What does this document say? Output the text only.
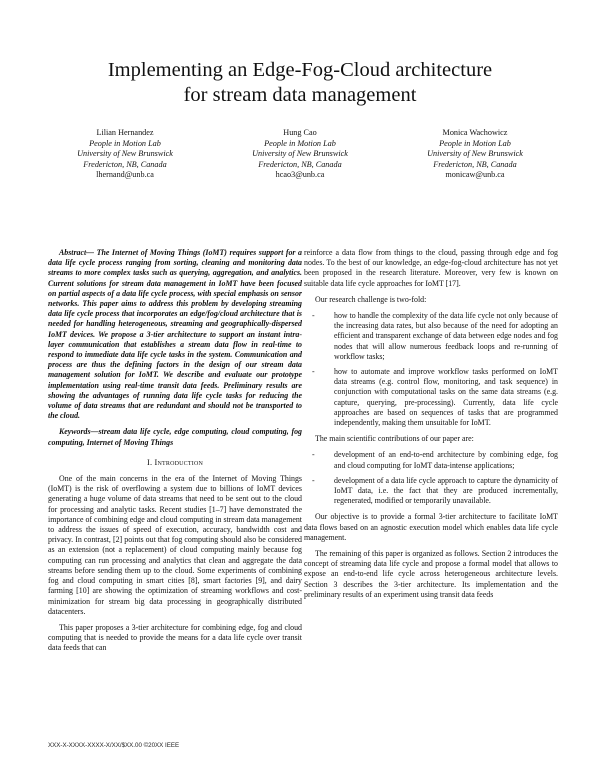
Implementing an Edge-Fog-Cloud architecture
for stream data management
Lilian Hernandez
People in Motion Lab
University of New Brunswick
Fredericton, NB, Canada
lhernand@unb.ca
Hung Cao
People in Motion Lab
University of New Brunswick
Fredericton, NB, Canada
hcao3@unb.ca
Monica Wachowicz
People in Motion Lab
University of New Brunswick
Fredericton, NB, Canada
monicaw@unb.ca

Abstract— The Internet of Moving Things (IoMT) requires support for a data life cycle process ranging from sorting, cleaning and monitoring data streams to more complex tasks such as querying, aggregation, and analytics. Current solutions for stream data management in IoMT have been focused on partial aspects of a data life cycle process, with special emphasis on sensor networks. This paper aims to address this problem by developing streaming data life cycle process that incorporates an edge/fog/cloud architecture that is needed for handling heterogeneous, streaming and geographically-dispersed IoMT devices. We propose a 3-tier architecture to support an instant intra-layer communication that establishes a stream data flow in real-time to respond to immediate data life cycle tasks in the system. Communication and process are thus the defining factors in the design of our stream data management solution for IoMT. We describe and evaluate our prototype implementation using real-time transit data feeds. Preliminary results are showing the advantages of running data life cycle tasks for reducing the volume of data streams that are redundant and should not be transported to the cloud.

Keywords—stream data life cycle, edge computing, cloud computing, fog computing, Internet of Moving Things

I. Introduction

One of the main concerns in the era of the Internet of Moving Things (IoMT) is the risk of overflowing a system due to billions of IoMT devices generating a huge volume of data streams that need to be sent out to the cloud for processing and analytic tasks. Recent studies [1–7] have demonstrated the importance of combining edge and cloud computing in stream data management to address the issues of speed of execution, accuracy, bandwidth cost and privacy. In contrast, [2] points out that fog computing should also be considered as an extension (not a replacement) of cloud computing mainly because fog computing can run processing and analytics that clean and aggregate the data streams before sending them up to the cloud. Some experiments of combining fog and cloud computing in smart cities [8], smart factories [9], and dairy farming [10] are showing the optimization of streaming workflows and cost-minimization for stream big data processing in geographically distributed datacenters.

This paper proposes a 3-tier architecture for combining edge, fog and cloud computing that is needed to provide the means for a data life cycle over transit data feeds that can

reinforce a data flow from things to the cloud, passing through edge and fog nodes. To the best of our knowledge, an edge-fog-cloud architecture has not yet been proposed in the research literature. Moreover, very few is known on suitable data life cycle approaches for IoMT [17].

Our research challenge is two-fold:

- how to handle the complexity of the data life cycle not only because of the increasing data rates, but also because of the need for adopting an efficient and transparent exchange of data between edge nodes and fog nodes that will allow numerous feedback loops and re-running of workflow tasks;
- how to automate and improve workflow tasks performed on IoMT data streams (e.g. control flow, monitoring, and task sequence) in conjunction with computational tasks on the same data streams (e.g. capture, querying, pre-processing). Currently, data life cycle approaches are based on sequences of tasks that are programmed independently, making them unsuitable for IoMT.

The main scientific contributions of our paper are:

- development of an end-to-end architecture by combining edge, fog and cloud computing for IoMT data-intense applications;
- development of a data life cycle approach to capture the dynamicity of IoMT data, i.e. the fact that they are produced incrementally, regenerated, modified or temporarily unavailable.

Our objective is to provide a formal 3-tier architecture to facilitate IoMT data flows based on an agnostic execution model which enables data life cycle management.

The remaining of this paper is organized as follows. Section 2 introduces the concept of streaming data life cycle and propose a formal model that allows to expose an end-to-end life cycle across heterogeneous architecture levels. Section 3 describes the 3-tier architecture. Its implementation and the preliminary results of an experiment using transit data feeds

XXX-X-XXXX-XXXX-X/XX/$XX.00 ©20XX IEEE
